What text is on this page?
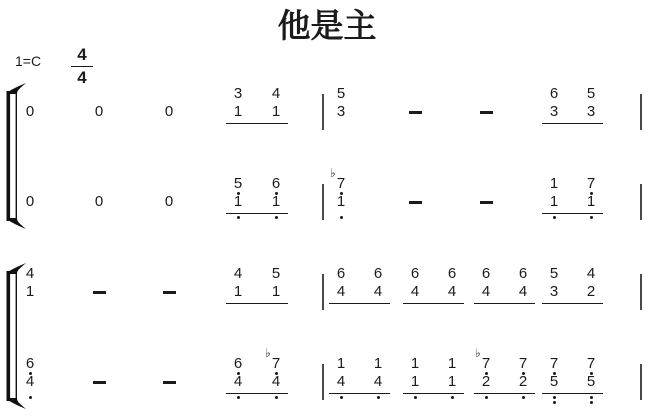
他是主
1=C	4
4
0	0	0
3
1
4
1
5
3
6
3
5
3
0	0	0
5
1
6
1
♭
7
1
1
1
7
1
4
1
4
1
5
1
6
4
6
4
6
4
6
4
6
4
6
4
5
3
4
2
6
4
6
4
♭
7
4
1
4
1
4
1
1
1
1
♭
7
2
7
2
7
5
7
5
